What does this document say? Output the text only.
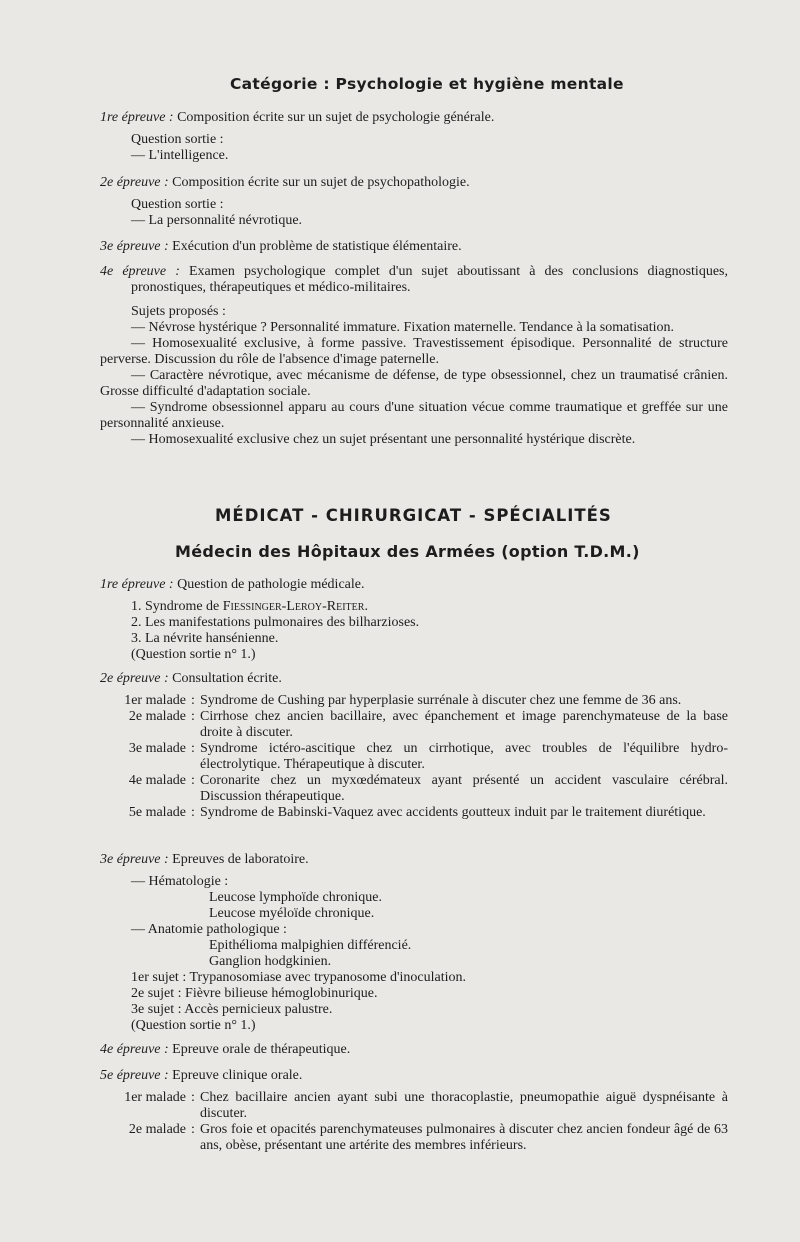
Catégorie : Psychologie et hygiène mentale
1re épreuve : Composition écrite sur un sujet de psychologie générale.
Question sortie :
— L'intelligence.
2e épreuve : Composition écrite sur un sujet de psychopathologie.
Question sortie :
— La personnalité névrotique.
3e épreuve : Exécution d'un problème de statistique élémentaire.
4e épreuve : Examen psychologique complet d'un sujet aboutissant à des conclusions diagnostiques, pronostiques, thérapeutiques et médico-militaires.
Sujets proposés :
— Névrose hystérique ? Personnalité immature. Fixation maternelle. Tendance à la somatisation.
— Homosexualité exclusive, à forme passive. Travestissement épisodique. Personnalité de structure perverse. Discussion du rôle de l'absence d'image paternelle.
— Caractère névrotique, avec mécanisme de défense, de type obsessionnel, chez un traumatisé crânien. Grosse difficulté d'adaptation sociale.
— Syndrome obsessionnel apparu au cours d'une situation vécue comme traumatique et greffée sur une personnalité anxieuse.
— Homosexualité exclusive chez un sujet présentant une personnalité hystérique discrète.
MÉDICAT - CHIRURGICAT - SPÉCIALITÉS
Médecin des Hôpitaux des Armées (option T.D.M.)
1re épreuve : Question de pathologie médicale.
1. Syndrome de Fiessinger-Leroy-Reiter.
2. Les manifestations pulmonaires des bilharzioses.
3. La névrite hansénienne.
(Question sortie n° 1.)
2e épreuve : Consultation écrite.
1er malade : Syndrome de Cushing par hyperplasie surrénale à discuter chez une femme de 36 ans.
2e malade : Cirrhose chez ancien bacillaire, avec épanchement et image parenchymateuse de la base droite à discuter.
3e malade : Syndrome ictéro-ascitique chez un cirrhotique, avec troubles de l'équilibre hydro-électrolytique. Thérapeutique à discuter.
4e malade : Coronarite chez un myxœdémateux ayant présenté un accident vasculaire cérébral. Discussion thérapeutique.
5e malade : Syndrome de Babinski-Vaquez avec accidents goutteux induit par le traitement diurétique.
3e épreuve : Epreuves de laboratoire.
— Hématologie :
Leucose lymphoïde chronique.
Leucose myéloïde chronique.
— Anatomie pathologique :
Epithélioma malpighien différencié.
Ganglion hodgkinien.
1er sujet : Trypanosomiase avec trypanosome d'inoculation.
2e sujet : Fièvre bilieuse hémoglobinurique.
3e sujet : Accès pernicieux palustre.
(Question sortie n° 1.)
4e épreuve : Epreuve orale de thérapeutique.
5e épreuve : Epreuve clinique orale.
1er malade : Chez bacillaire ancien ayant subi une thoracoplastie, pneumopathie aiguë dyspnéisante à discuter.
2e malade : Gros foie et opacités parenchymateuses pulmonaires à discuter chez ancien fondeur âgé de 63 ans, obèse, présentant une artérite des membres inférieurs.
